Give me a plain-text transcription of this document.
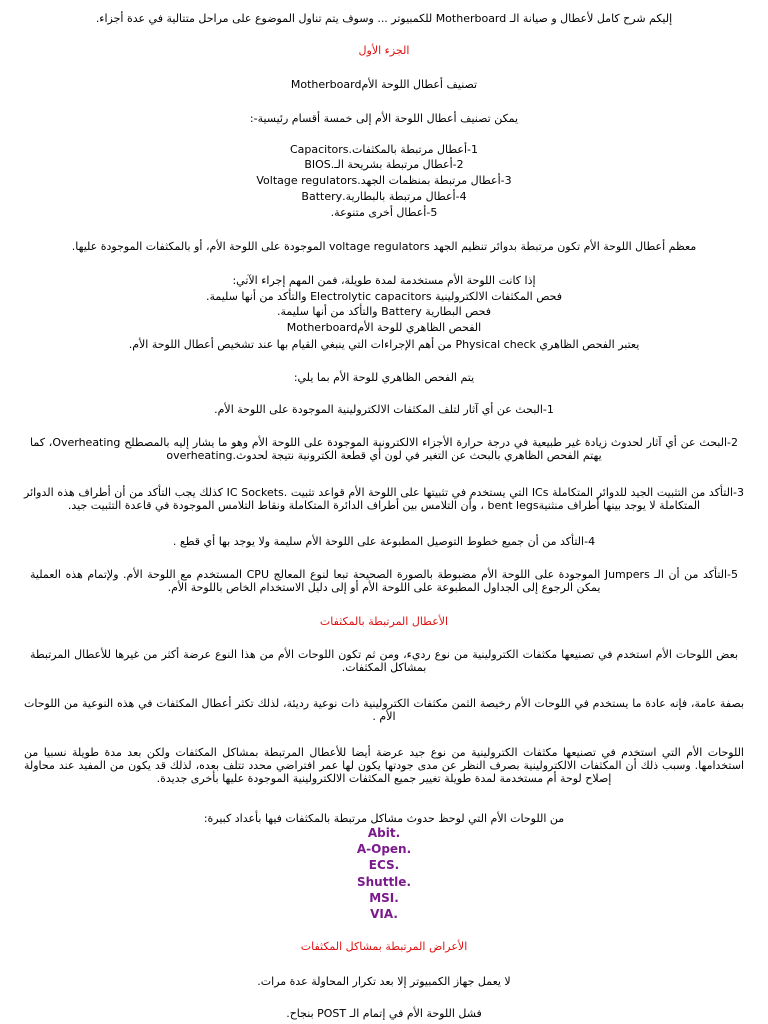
إليكم شرح كامل لأعطال و صيانة الـ Motherboard للكمبيوتر ... وسوف يتم تناول الموضوع على مراحل متتالية في عدة أجزاء.
الجزء الأول
تصنيف أعطال اللوحة الأمMotherboard
يمكن تصنيف أعطال اللوحة الأم إلى خمسة أقسام رئيسية-:
1-أعطال مرتبطة بالمكثفات.Capacitors
2-أعطال مرتبطة بشريحة الـ.BIOS
3-أعطال مرتبطة بمنظمات الجهد.Voltage regulators
4-أعطال مرتبطة بالبطارية.Battery
5-أعطال أخرى متنوعة.
معظم أعطال اللوحة الأم تكون مرتبطة بدوائر تنظيم الجهد voltage regulators الموجودة على اللوحة الأم، أو بالمكثفات الموجودة عليها.
إذا كانت اللوحة الأم مستخدمة لمدة طويلة، فمن المهم إجراء الآتي:
فحص المكثفات الالكترولينية Electrolytic capacitors والتأكد من أنها سليمة.
فحص البطارية Battery والتأكد من أنها سليمة.
الفحص الظاهري للوحة الأمMotherboard
يعتبر الفحص الظاهري Physical check من أهم الإجراءات التي ينبغي القيام بها عند تشخيص أعطال اللوحة الأم.
يتم الفحص الظاهري للوحة الأم بما يلي:
1-البحث عن أي آثار لتلف المكثفات الالكترولينية الموجودة على اللوحة الأم.
2-البحث عن أي آثار لحدوث زيادة غير طبيعية في درجة حرارة الأجزاء الالكترونية الموجودة على اللوحة الأم وهو ما يشار إليه بالمصطلح Overheating، كما يهتم الفحص الظاهري بالبحث عن التغير في لون أي قطعة الكترونية نتيجة لحدوث.overheating
3-التأكد من التثبيت الجيد للدوائر المتكاملة ICs التي يستخدم في تثبيتها على اللوحة الأم قواعد تثبيت .IC Sockets كذلك يجب التأكد من أن أطراف هذه الدوائر المتكاملة لا يوجد بينها أطراف منثنيةbent legs ، وأن التلامس بين أطراف الدائرة المتكاملة ونقاط التلامس الموجودة في قاعدة التثبيت جيد.
4-التأكد من أن جميع خطوط التوصيل المطبوعة على اللوحة الأم سليمة ولا يوجد بها أي قطع .
5-التأكد من أن الـ Jumpers الموجودة على اللوحة الأم مضبوطة بالصورة الصحيحة تبعا لنوع المعالج CPU المستخدم مع اللوحة الأم. ولإتمام هذه العملية يمكن الرجوع إلى الجداول المطبوعة على اللوحة الأم أو إلى دليل الاستخدام الخاص باللوحة الأم.
الأعطال المرتبطة بالمكثفات
بعض اللوحات الأم استخدم في تصنيعها مكثفات الكترولينية من نوع رديء، ومن ثم تكون اللوحات الأم من هذا النوع عرضة أكثر من غيرها للأعطال المرتبطة بمشاكل المكثفات.
بصفة عامة، فإنه عادة ما يستخدم في اللوحات الأم رخيصة الثمن مكثفات الكترولينية ذات نوعية رديئة، لذلك تكثر أعطال المكثفات في هذه النوعية من اللوحات الأم .
اللوحات الأم التي استخدم في تصنيعها مكثفات الكترولينية من نوع جيد عرضة أيضا للأعطال المرتبطة بمشاكل المكثفات ولكن بعد مدة طويلة نسبيا من استخدامها. وسبب ذلك أن المكثفات الالكترولينية بصرف النظر عن مدى جودتها يكون لها عمر افتراضي محدد تتلف بعده، لذلك قد يكون من المفيد عند محاولة إصلاح لوحة أم مستخدمة لمدة طويلة تغيير جميع المكثفات الالكترولينية الموجودة عليها بأخرى جديدة.
من اللوحات الأم التي لوحظ حدوث مشاكل مرتبطة بالمكثفات فيها بأعداد كبيرة:
Abit.
A-Open.
ECS.
Shuttle.
MSI.
VIA.
الأعراض المرتبطة بمشاكل المكثفات
لا يعمل جهاز الكمبيوتر إلا بعد تكرار المحاولة عدة مرات.
فشل اللوحة الأم في إتمام الـ POST بنجاح.
